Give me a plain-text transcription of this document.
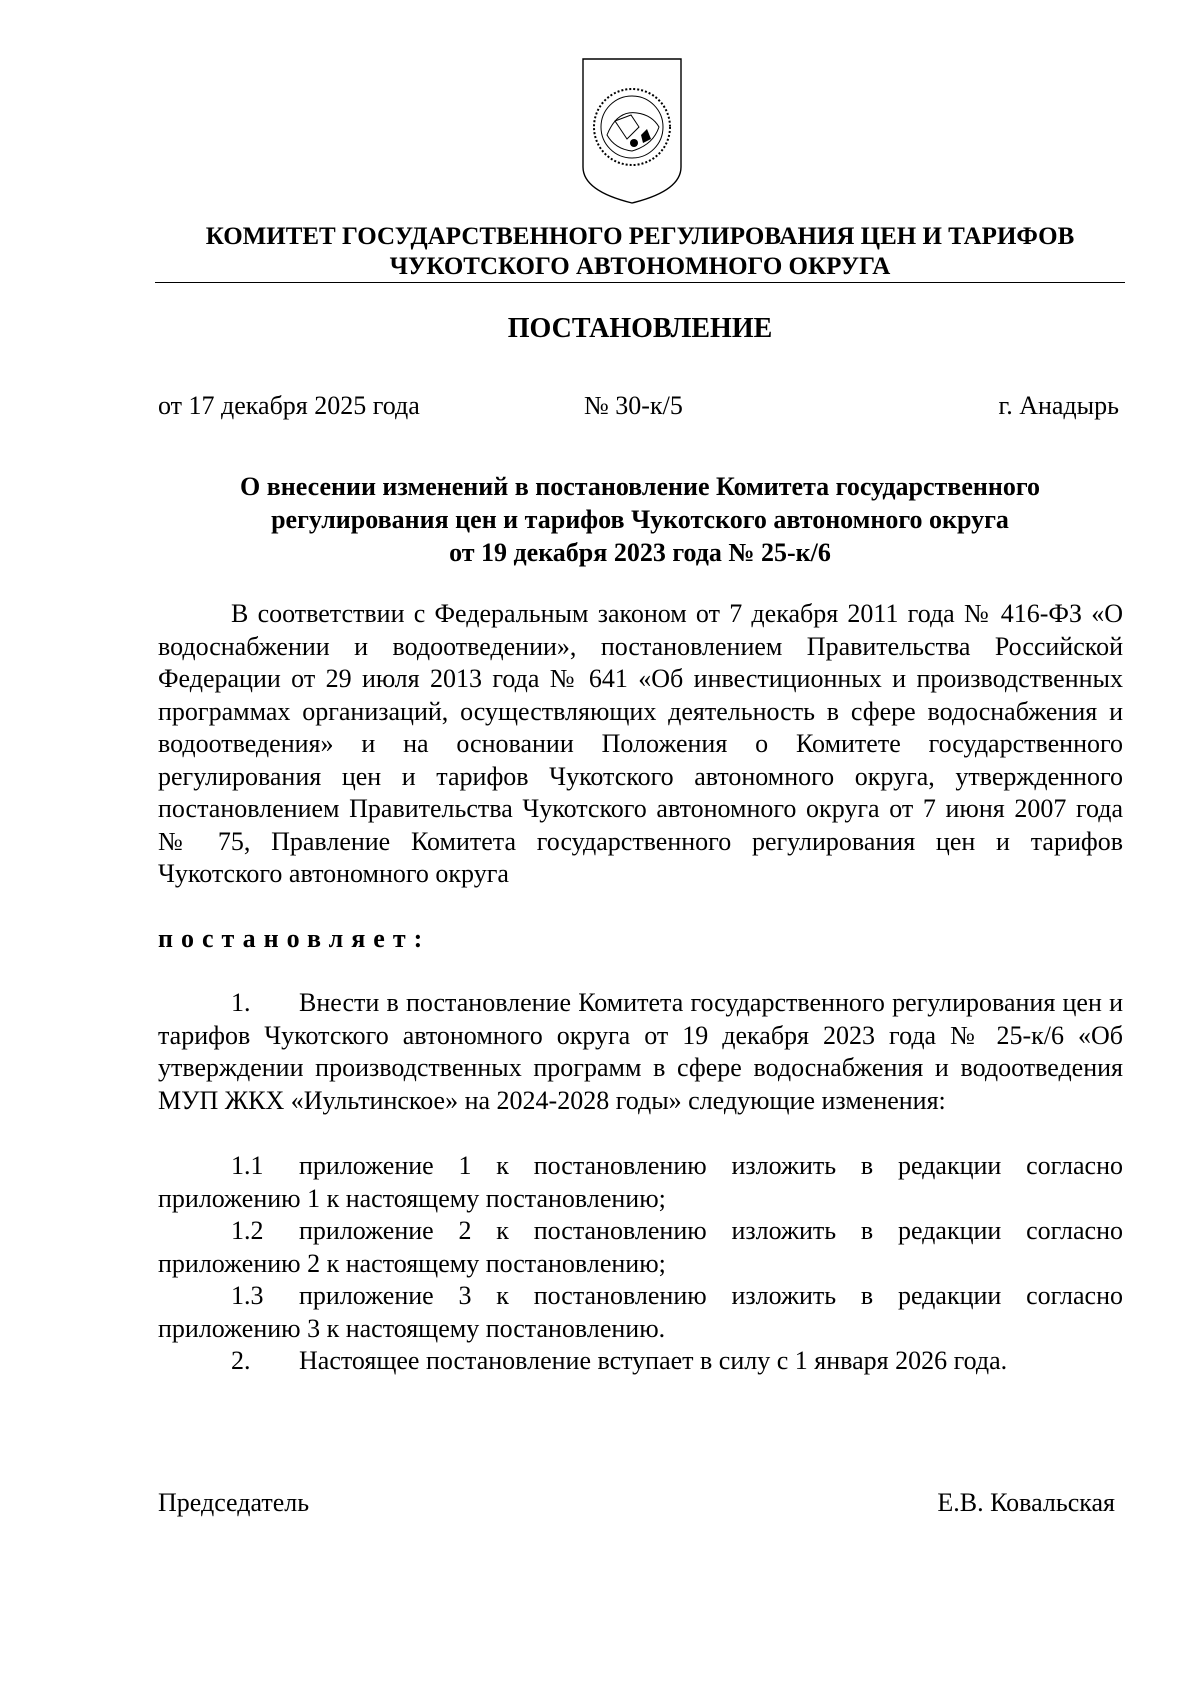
КОМИТЕТ ГОСУДАРСТВЕННОГО РЕГУЛИРОВАНИЯ ЦЕН И ТАРИФОВ
ЧУКОТСКОГО АВТОНОМНОГО ОКРУГА
ПОСТАНОВЛЕНИЕ
от 17 декабря 2025 года	№ 30-к/5	г. Анадырь
О внесении изменений в постановление Комитета государственного
регулирования цен и тарифов Чукотского автономного округа
от 19 декабря 2023 года № 25-к/6
В соответствии с Федеральным законом от 7 декабря 2011 года № 416-ФЗ «О водоснабжении и водоотведении», постановлением Правительства Российской Федерации от 29 июля 2013 года № 641 «Об инвестиционных и производственных программах организаций, осуществляющих деятельность в сфере водоснабжения и водоотведения» и на основании Положения о Комитете государственного регулирования цен и тарифов Чукотского автономного округа, утвержденного постановлением Правительства Чукотского автономного округа от 7 июня 2007 года № 75, Правление Комитета государственного регулирования цен и тарифов Чукотского автономного округа
постановляет:
1. Внести в постановление Комитета государственного регулирования цен и тарифов Чукотского автономного округа от 19 декабря 2023 года № 25-к/6 «Об утверждении производственных программ в сфере водоснабжения и водоотведения МУП ЖКХ «Иультинское» на 2024-2028 годы» следующие изменения:
1.1 приложение 1 к постановлению изложить в редакции согласно приложению 1 к настоящему постановлению;
1.2 приложение 2 к постановлению изложить в редакции согласно приложению 2 к настоящему постановлению;
1.3 приложение 3 к постановлению изложить в редакции согласно приложению 3 к настоящему постановлению.
2. Настоящее постановление вступает в силу с 1 января 2026 года.
Председатель	Е.В. Ковальская
